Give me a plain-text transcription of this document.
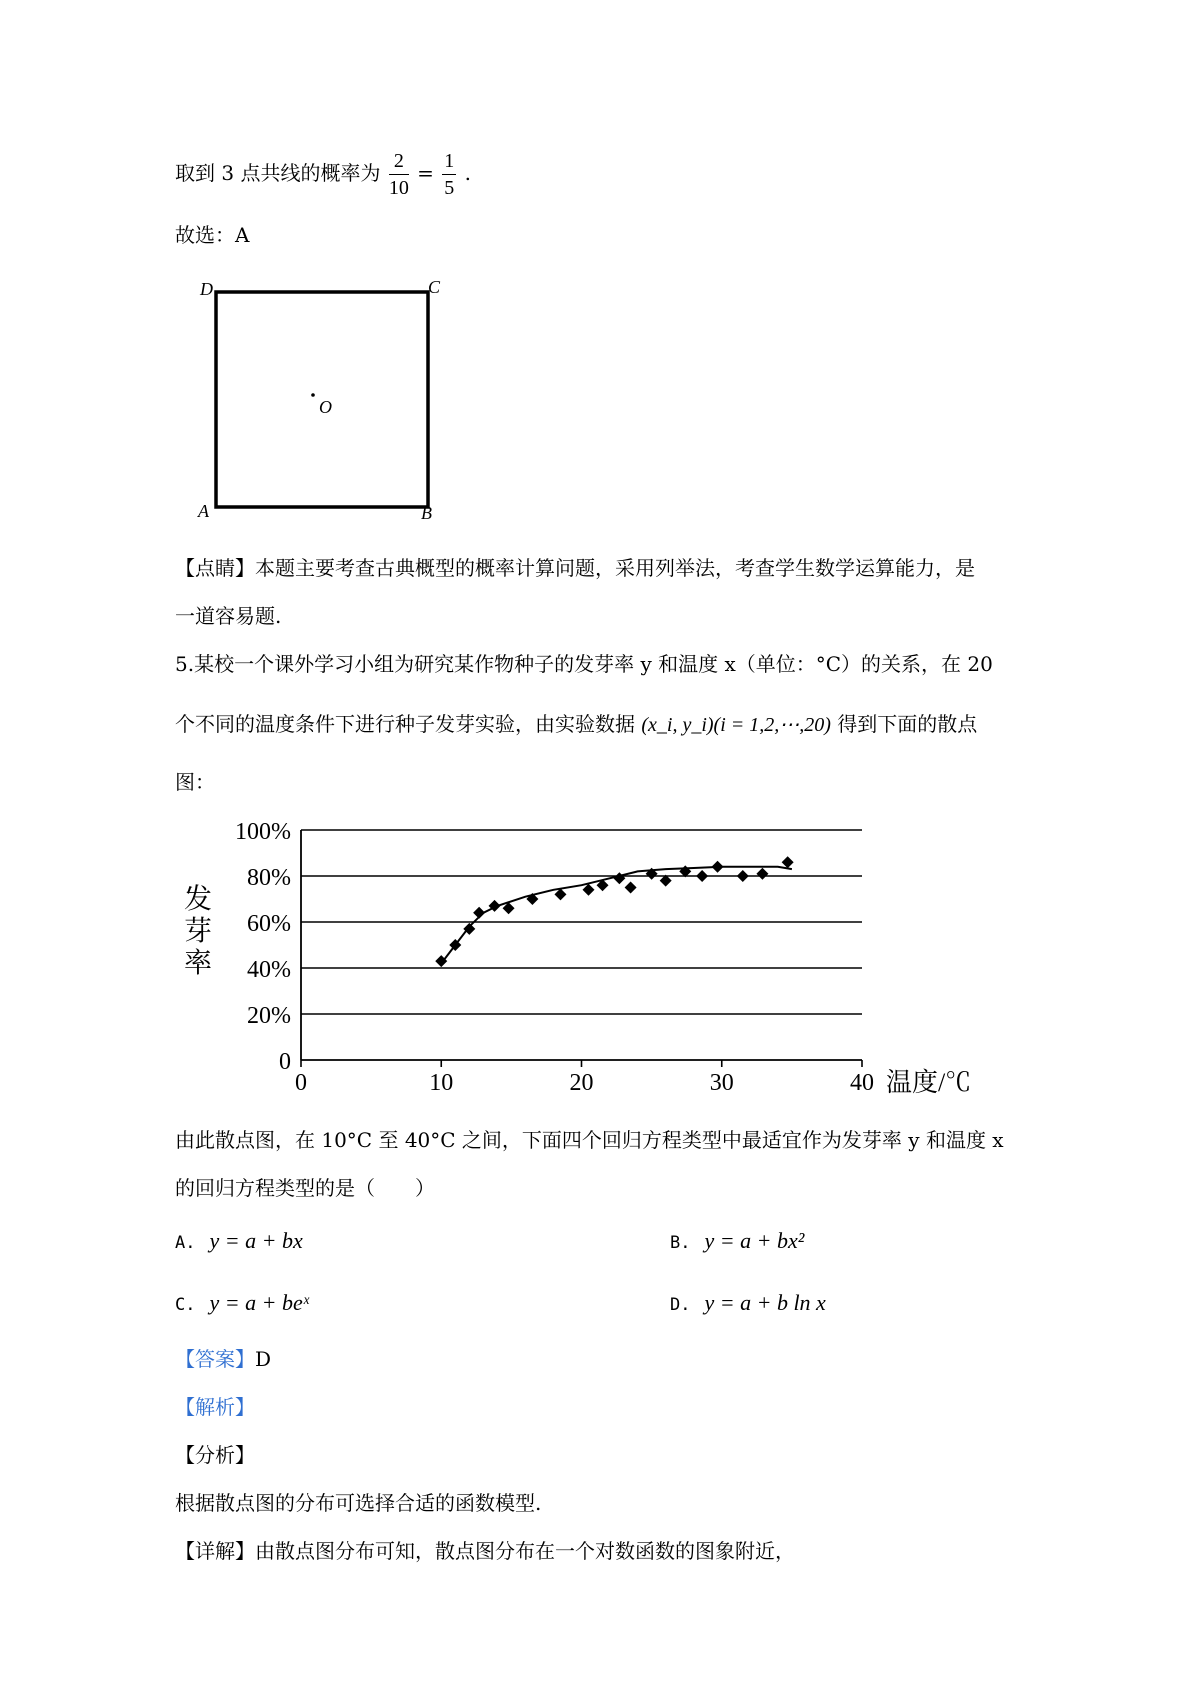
取到 3 点共线的概率为 $\frac{2}{10} = \frac{1}{5}$ .
故选：A
D	C
A	B
O
【点睛】本题主要考查古典概型的概率计算问题，采用列举法，考查学生数学运算能力，是
一道容易题.
5.某校一个课外学习小组为研究某作物种子的发芽率 y 和温度 x（单位：°C）的关系，在 20
个不同的温度条件下进行种子发芽实验，由实验数据 (x_i, y_i)(i = 1,2,⋯,20) 得到下面的散点
图：
0
20%
40%
60%
80%
100%
0	10	20	30	40
发芽率
温度/℃
由此散点图，在 10°C 至 40°C 之间，下面四个回归方程类型中最适宜作为发芽率 y 和温度 x
的回归方程类型的是（　　）
A. y = a + bx	B. y = a + bx²
C. y = a + beˣ	D. y = a + b ln x
【答案】D
【解析】
【分析】
根据散点图的分布可选择合适的函数模型.
【详解】由散点图分布可知，散点图分布在一个对数函数的图象附近，
